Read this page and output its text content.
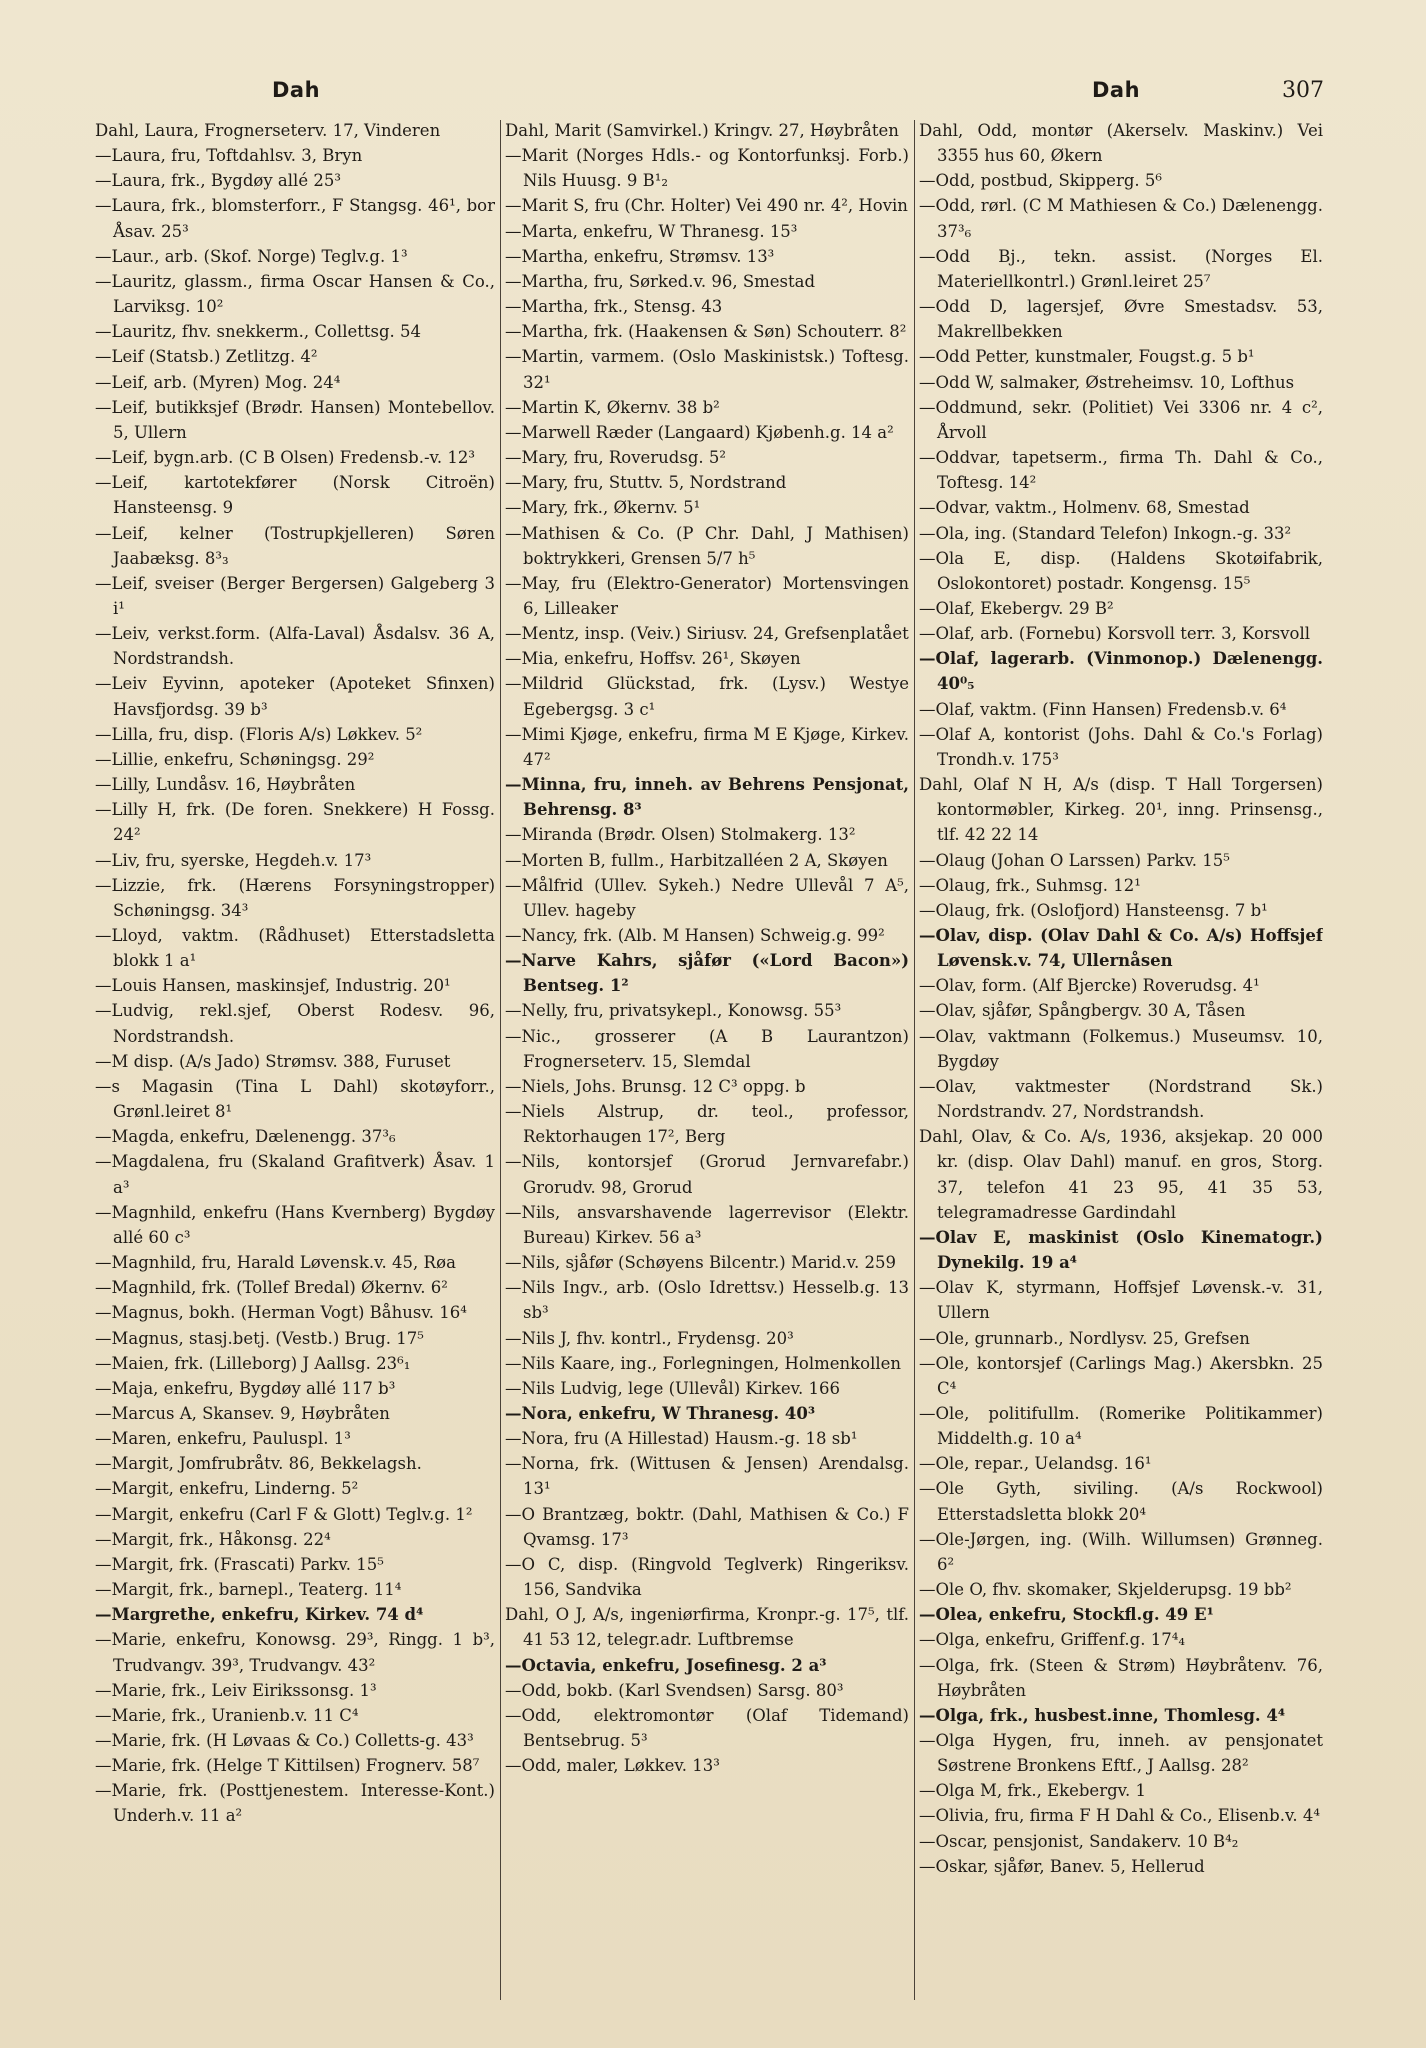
Dah	Dah	307
Dahl, Laura, Frognerseterv. 17, Vinderen
—Laura, fru, Toftdahlsv. 3, Bryn
—Laura, frk., Bygdøy allé 25³
—Laura, frk., blomsterforr., F Stangsg. 46¹, bor Åsav. 25³
—Laur., arb. (Skof. Norge) Teglv.g. 1³
—Lauritz, glassm., firma Oscar Hansen & Co., Larviksg. 10²
—Lauritz, fhv. snekkerm., Collettsg. 54
—Leif (Statsb.) Zetlitzg. 4²
—Leif, arb. (Myren) Mog. 24⁴
—Leif, butikksjef (Brødr. Hansen) Montebellov. 5, Ullern
—Leif, bygn.arb. (C B Olsen) Fredensb.-v. 12³
—Leif, kartotekfører (Norsk Citroën) Hansteensg. 9
—Leif, kelner (Tostrupkjelleren) Søren Jaabæksg. 8³₃
—Leif, sveiser (Berger Bergersen) Galgeberg 3 i¹
—Leiv, verkst.form. (Alfa-Laval) Åsdalsv. 36 A, Nordstrandsh.
—Leiv Eyvinn, apoteker (Apoteket Sfinxen) Havsfjordsg. 39 b³
—Lilla, fru, disp. (Floris A/s) Løkkev. 5²
—Lillie, enkefru, Schøningsg. 29²
—Lilly, Lundåsv. 16, Høybråten
—Lilly H, frk. (De foren. Snekkere) H Fossg. 24²
—Liv, fru, syerske, Hegdeh.v. 17³
—Lizzie, frk. (Hærens Forsyningstropper) Schøningsg. 34³
—Lloyd, vaktm. (Rådhuset) Etterstadsletta blokk 1 a¹
—Louis Hansen, maskinsjef, Industrig. 20¹
—Ludvig, rekl.sjef, Oberst Rodesv. 96, Nordstrandsh.
—M disp. (A/s Jado) Strømsv. 388, Furuset
—s Magasin (Tina L Dahl) skotøyforr., Grønl.leiret 8¹
—Magda, enkefru, Dælenengg. 37³₆
—Magdalena, fru (Skaland Grafitverk) Åsav. 1 a³
—Magnhild, enkefru (Hans Kvernberg) Bygdøy allé 60 c³
—Magnhild, fru, Harald Løvensk.v. 45, Røa
—Magnhild, frk. (Tollef Bredal) Økernv. 6²
—Magnus, bokh. (Herman Vogt) Båhusv. 16⁴
—Magnus, stasj.betj. (Vestb.) Brug. 17⁵
—Maien, frk. (Lilleborg) J Aallsg. 23⁶₁
—Maja, enkefru, Bygdøy allé 117 b³
—Marcus A, Skansev. 9, Høybråten
—Maren, enkefru, Pauluspl. 1³
—Margit, Jomfrubråtv. 86, Bekkelagsh.
—Margit, enkefru, Linderng. 5²
—Margit, enkefru (Carl F & Glott) Teglv.g. 1²
—Margit, frk., Håkonsg. 22⁴
—Margit, frk. (Frascati) Parkv. 15⁵
—Margit, frk., barnepl., Teaterg. 11⁴
—Margrethe, enkefru, Kirkev. 74 d⁴
—Marie, enkefru, Konowsg. 29³, Ringg. 1 b³, Trudvangv. 39³, Trudvangv. 43²
—Marie, frk., Leiv Eirikssonsg. 1³
—Marie, frk., Uranienb.v. 11 C⁴
—Marie, frk. (H Løvaas & Co.) Colletts-g. 43³
—Marie, frk. (Helge T Kittilsen) Frognerv. 58⁷
—Marie, frk. (Posttjenestem. Interesse-Kont.) Underh.v. 11 a²
Dahl, Marit (Samvirkel.) Kringv. 27, Høybråten
—Marit (Norges Hdls.- og Kontorfunksj. Forb.) Nils Huusg. 9 B¹₂
—Marit S, fru (Chr. Holter) Vei 490 nr. 4², Hovin
—Marta, enkefru, W Thranesg. 15³
—Martha, enkefru, Strømsv. 13³
—Martha, fru, Sørked.v. 96, Smestad
—Martha, frk., Stensg. 43
—Martha, frk. (Haakensen & Søn) Schouterr. 8²
—Martin, varmem. (Oslo Maskinistsk.) Toftesg. 32¹
—Martin K, Økernv. 38 b²
—Marwell Ræder (Langaard) Kjøbenh.g. 14 a²
—Mary, fru, Roverudsg. 5²
—Mary, fru, Stuttv. 5, Nordstrand
—Mary, frk., Økernv. 5¹
—Mathisen & Co. (P Chr. Dahl, J Mathisen) boktrykkeri, Grensen 5/7 h⁵
—May, fru (Elektro-Generator) Mortensvingen 6, Lilleaker
—Mentz, insp. (Veiv.) Siriusv. 24, Grefsenplatået
—Mia, enkefru, Hoffsv. 26¹, Skøyen
—Mildrid Glückstad, frk. (Lysv.) Westye Egebergsg. 3 c¹
—Mimi Kjøge, enkefru, firma M E Kjøge, Kirkev. 47²
—Minna, fru, inneh. av Behrens Pensjonat, Behrensg. 8³
—Miranda (Brødr. Olsen) Stolmakerg. 13²
—Morten B, fullm., Harbitzalléen 2 A, Skøyen
—Målfrid (Ullev. Sykeh.) Nedre Ullevål 7 A⁵, Ullev. hageby
—Nancy, frk. (Alb. M Hansen) Schweig.g. 99²
—Narve Kahrs, sjåfør («Lord Bacon») Bentseg. 1²
—Nelly, fru, privatsykepl., Konowsg. 55³
—Nic., grosserer (A B Laurantzon) Frognerseterv. 15, Slemdal
—Niels, Johs. Brunsg. 12 C³ oppg. b
—Niels Alstrup, dr. teol., professor, Rektorhaugen 17², Berg
—Nils, kontorsjef (Grorud Jernvarefabr.) Grorudv. 98, Grorud
—Nils, ansvarshavende lagerrevisor (Elektr. Bureau) Kirkev. 56 a³
—Nils, sjåfør (Schøyens Bilcentr.) Marid.v. 259
—Nils Ingv., arb. (Oslo Idrettsv.) Hesselb.g. 13 sb³
—Nils J, fhv. kontrl., Frydensg. 20³
—Nils Kaare, ing., Forlegningen, Holmenkollen
—Nils Ludvig, lege (Ullevål) Kirkev. 166
—Nora, enkefru, W Thranesg. 40³
—Nora, fru (A Hillestad) Hausm.-g. 18 sb¹
—Norna, frk. (Wittusen & Jensen) Arendalsg. 13¹
—O Brantzæg, boktr. (Dahl, Mathisen & Co.) F Qvamsg. 17³
—O C, disp. (Ringvold Teglverk) Ringeriksv. 156, Sandvika
Dahl, O J, A/s, ingeniørfirma, Kronpr.-g. 17⁵, tlf. 41 53 12, telegr.adr. Luftbremse
—Octavia, enkefru, Josefinesg. 2 a³
—Odd, bokb. (Karl Svendsen) Sarsg. 80³
—Odd, elektromontør (Olaf Tidemand) Bentsebrug. 5³
—Odd, maler, Løkkev. 13³
Dahl, Odd, montør (Akerselv. Maskinv.) Vei 3355 hus 60, Økern
—Odd, postbud, Skipperg. 5⁶
—Odd, rørl. (C M Mathiesen & Co.) Dælenengg. 37³₆
—Odd Bj., tekn. assist. (Norges El. Materiellkontrl.) Grønl.leiret 25⁷
—Odd D, lagersjef, Øvre Smestadsv. 53, Makrellbekken
—Odd Petter, kunstmaler, Fougst.g. 5 b¹
—Odd W, salmaker, Østreheimsv. 10, Lofthus
—Oddmund, sekr. (Politiet) Vei 3306 nr. 4 c², Årvoll
—Oddvar, tapetserm., firma Th. Dahl & Co., Toftesg. 14²
—Odvar, vaktm., Holmenv. 68, Smestad
—Ola, ing. (Standard Telefon) Inkogn.-g. 33²
—Ola E, disp. (Haldens Skotøifabrik, Oslokontoret) postadr. Kongensg. 15⁵
—Olaf, Ekebergv. 29 B²
—Olaf, arb. (Fornebu) Korsvoll terr. 3, Korsvoll
—Olaf, lagerarb. (Vinmonop.) Dælenengg. 40⁰₅
—Olaf, vaktm. (Finn Hansen) Fredensb.v. 6⁴
—Olaf A, kontorist (Johs. Dahl & Co.'s Forlag) Trondh.v. 175³
Dahl, Olaf N H, A/s (disp. T Hall Torgersen) kontormøbler, Kirkeg. 20¹, inng. Prinsensg., tlf. 42 22 14
—Olaug (Johan O Larssen) Parkv. 15⁵
—Olaug, frk., Suhmsg. 12¹
—Olaug, frk. (Oslofjord) Hansteensg. 7 b¹
—Olav, disp. (Olav Dahl & Co. A/s) Hoffsjef Løvensk.v. 74, Ullernåsen
—Olav, form. (Alf Bjercke) Roverudsg. 4¹
—Olav, sjåfør, Spångbergv. 30 A, Tåsen
—Olav, vaktmann (Folkemus.) Museumsv. 10, Bygdøy
—Olav, vaktmester (Nordstrand Sk.) Nordstrandv. 27, Nordstrandsh.
Dahl, Olav, & Co. A/s, 1936, aksjekap. 20 000 kr. (disp. Olav Dahl) manuf. en gros, Storg. 37, telefon 41 23 95, 41 35 53, telegramadresse Gardindahl
—Olav E, maskinist (Oslo Kinematogr.) Dynekilg. 19 a⁴
—Olav K, styrmann, Hoffsjef Løvensk.-v. 31, Ullern
—Ole, grunnarb., Nordlysv. 25, Grefsen
—Ole, kontorsjef (Carlings Mag.) Akersbkn. 25 C⁴
—Ole, politifullm. (Romerike Politikammer) Middelth.g. 10 a⁴
—Ole, repar., Uelandsg. 16¹
—Ole Gyth, siviling. (A/s Rockwool) Etterstadsletta blokk 20⁴
—Ole-Jørgen, ing. (Wilh. Willumsen) Grønneg. 6²
—Ole O, fhv. skomaker, Skjelderupsg. 19 bb²
—Olea, enkefru, Stockfl.g. 49 E¹
—Olga, enkefru, Griffenf.g. 17⁴₄
—Olga, frk. (Steen & Strøm) Høybråtenv. 76, Høybråten
—Olga, frk., husbest.inne, Thomlesg. 4⁴
—Olga Hygen, fru, inneh. av pensjonatet Søstrene Bronkens Eftf., J Aallsg. 28²
—Olga M, frk., Ekebergv. 1
—Olivia, fru, firma F H Dahl & Co., Elisenb.v. 4⁴
—Oscar, pensjonist, Sandakerv. 10 B⁴₂
—Oskar, sjåfør, Banev. 5, Hellerud
